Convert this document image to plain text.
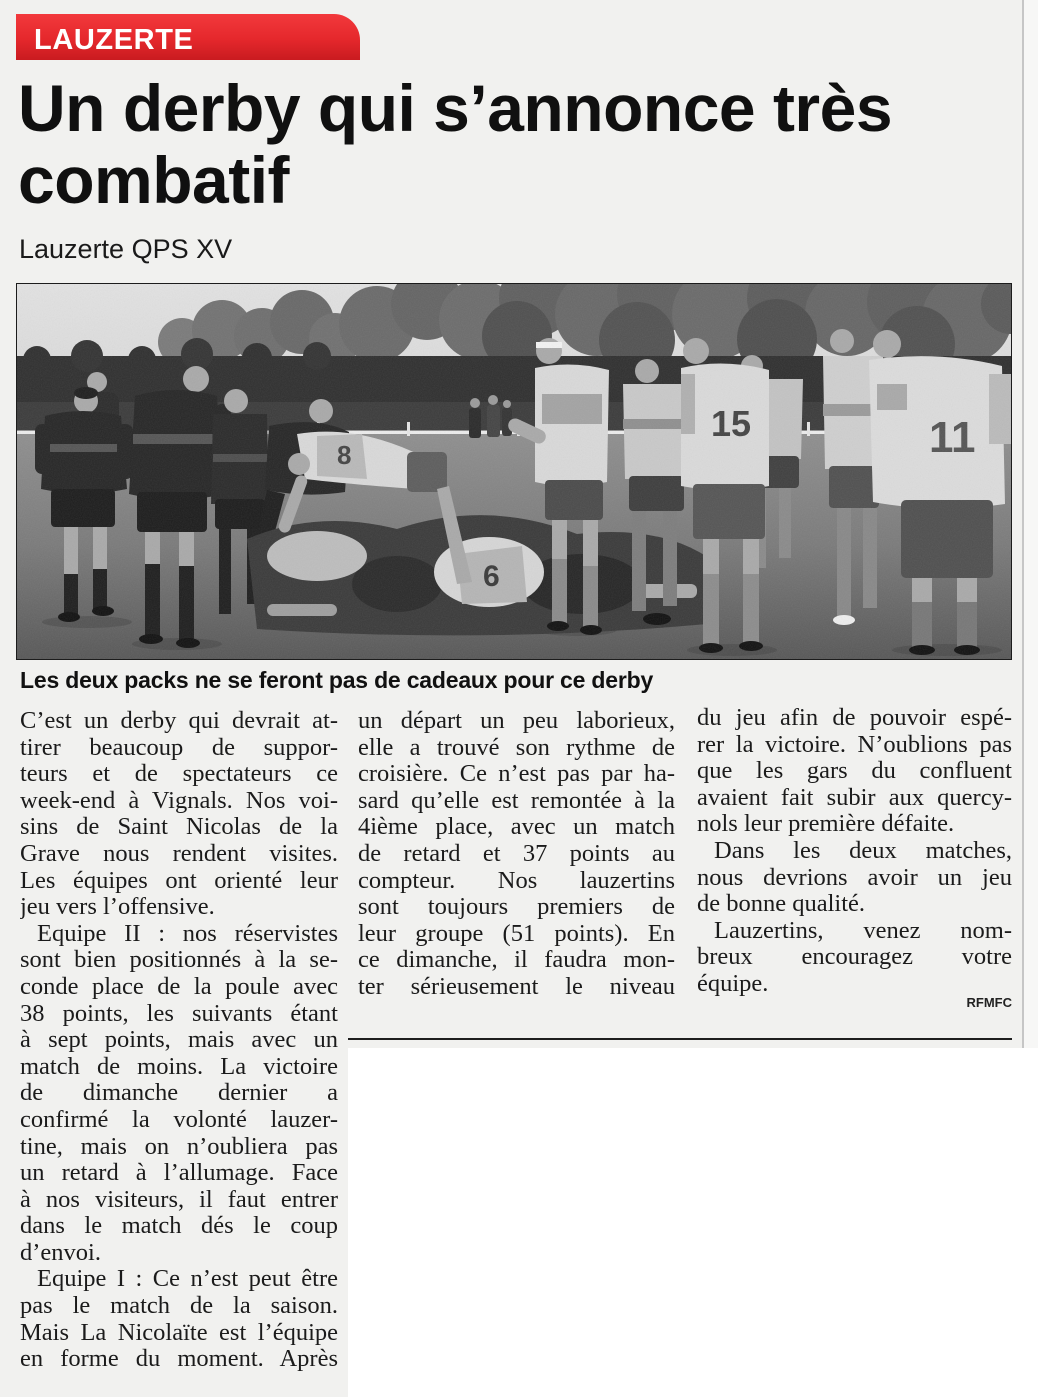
LAUZERTE
Un derby qui s’annonce très
combatif
Lauzerte QPS XV
6
8
15	11
Les deux packs ne se feront pas de cadeaux pour ce derby
C’est un derby qui devrait at-
tirer beaucoup de suppor-
teurs et de spectateurs ce
week-end à Vignals. Nos voi-
sins de Saint Nicolas de la
Grave nous rendent visites.
Les équipes ont orienté leur
jeu vers l’offensive.
Equipe II : nos réservistes
sont bien positionnés à la se-
conde place de la poule avec
38 points, les suivants étant
à sept points, mais avec un
match de moins. La victoire
de dimanche dernier a
confirmé la volonté lauzer-
tine, mais on n’oubliera pas
un retard à l’allumage. Face
à nos visiteurs, il faut entrer
dans le match dés le coup
d’envoi.
Equipe I : Ce n’est peut être
pas le match de la saison.
Mais La Nicolaïte est l’équipe
en forme du moment. Après
un départ un peu laborieux,
elle a trouvé son rythme de
croisière. Ce n’est pas par ha-
sard qu’elle est remontée à la
4ième place, avec un match
de retard et 37 points au
compteur. Nos lauzertins
sont toujours premiers de
leur groupe (51 points). En
ce dimanche, il faudra mon-
ter sérieusement le niveau
du jeu afin de pouvoir espé-
rer la victoire. N’oublions pas
que les gars du confluent
avaient fait subir aux quercy-
nols leur première défaite.
Dans les deux matches,
nous devrions avoir un jeu
de bonne qualité.
Lauzertins, venez nom-
breux encouragez votre
équipe.
RFMFC
